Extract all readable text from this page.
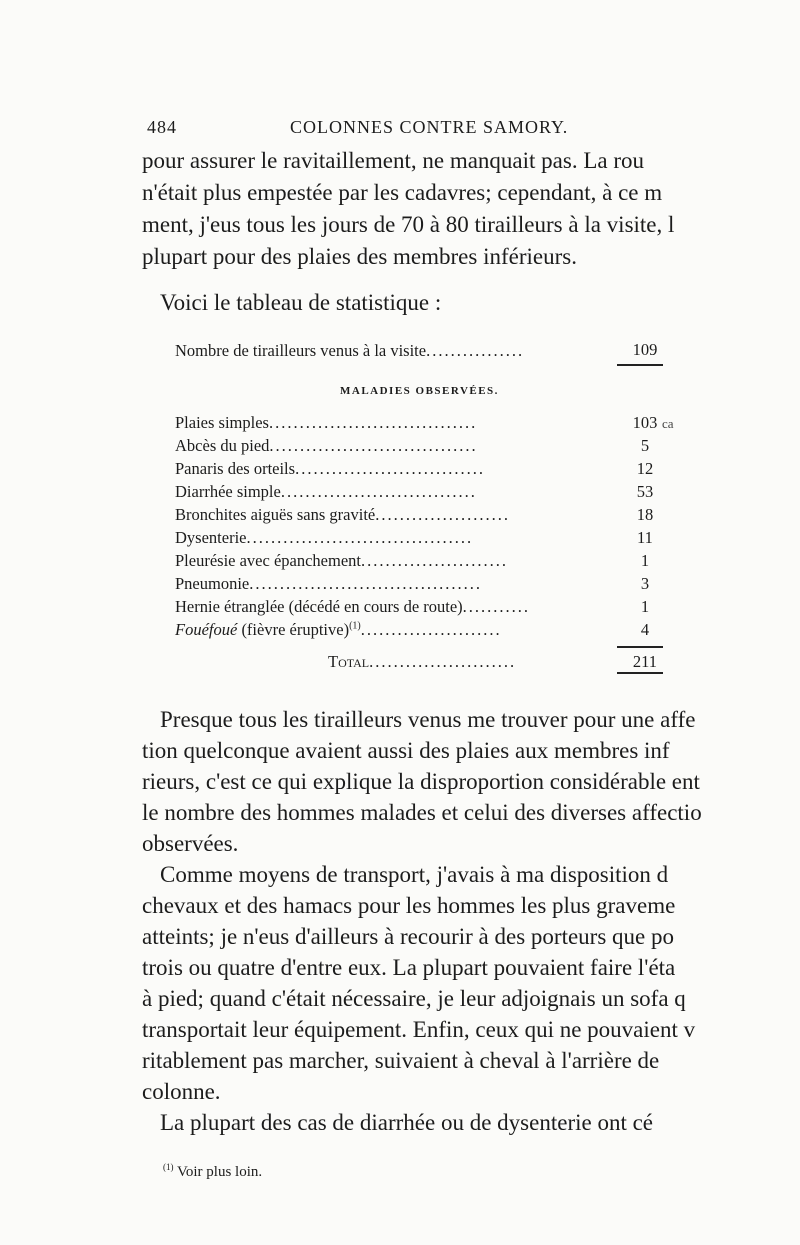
484	COLONNES CONTRE SAMORY.
pour assurer le ravitaillement, ne manquait pas. La rou
n'était plus empestée par les cadavres; cependant, à ce m
ment, j'eus tous les jours de 70 à 80 tirailleurs à la visite, l
plupart pour des plaies des membres inférieurs.
Voici le tableau de statistique :
Nombre de tirailleurs venus à la visite................	109
MALADIES OBSERVÉES.
Plaies simples..................................	103 ca
Abcès du pied..................................	5
Panaris des orteils...............................	12
Diarrhée simple................................	53
Bronchites aiguës sans gravité......................	18
Dysenterie.....................................	11
Pleurésie avec épanchement........................	1
Pneumonie......................................	3
Hernie étranglée (décédé en cours de route)...........	1
Fouéfoué (fièvre éruptive)$^{(1)}$.......................	4
Total........................	211
Presque tous les tirailleurs venus me trouver pour une affe
tion quelconque avaient aussi des plaies aux membres inf
rieurs, c'est ce qui explique la disproportion considérable ent
le nombre des hommes malades et celui des diverses affectio
observées.
Comme moyens de transport, j'avais à ma disposition d
chevaux et des hamacs pour les hommes les plus graveme
atteints; je n'eus d'ailleurs à recourir à des porteurs que po
trois ou quatre d'entre eux. La plupart pouvaient faire l'éta
à pied; quand c'était nécessaire, je leur adjoignais un sofa q
transportait leur équipement. Enfin, ceux qui ne pouvaient v
ritablement pas marcher, suivaient à cheval à l'arrière de
colonne.
La plupart des cas de diarrhée ou de dysenterie ont cé
$^{(1)}$ Voir plus loin.
